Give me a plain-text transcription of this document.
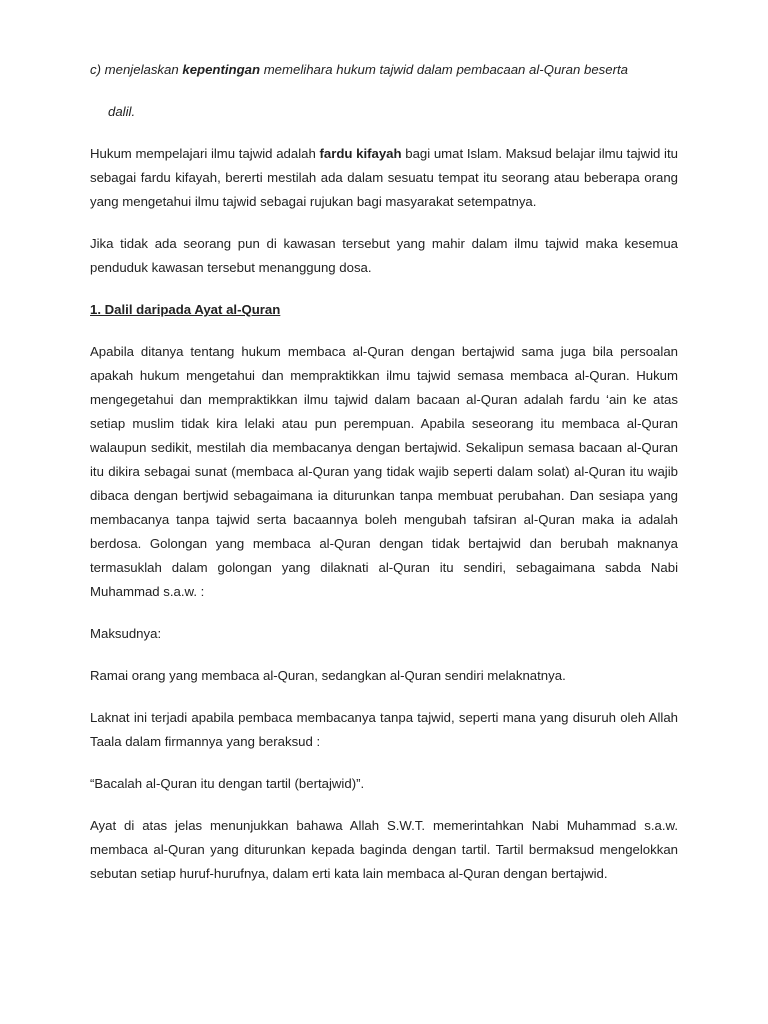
c) menjelaskan kepentingan memelihara hukum tajwid dalam pembacaan al-Quran beserta

dalil.

Hukum mempelajari ilmu tajwid adalah fardu kifayah bagi umat Islam. Maksud belajar ilmu tajwid itu sebagai fardu kifayah, bererti mestilah ada dalam sesuatu tempat itu seorang atau beberapa orang yang mengetahui ilmu tajwid sebagai rujukan bagi masyarakat setempatnya.

Jika tidak ada seorang pun di kawasan tersebut yang mahir dalam ilmu tajwid maka kesemua penduduk kawasan tersebut menanggung dosa.

1. Dalil daripada Ayat al-Quran

Apabila ditanya tentang hukum membaca al-Quran dengan bertajwid sama juga bila persoalan apakah hukum mengetahui dan mempraktikkan ilmu tajwid semasa membaca al-Quran. Hukum mengegetahui dan mempraktikkan ilmu tajwid dalam bacaan al-Quran adalah fardu ‘ain ke atas setiap muslim tidak kira lelaki atau pun perempuan. Apabila seseorang itu membaca al-Quran walaupun sedikit, mestilah dia membacanya dengan bertajwid. Sekalipun semasa bacaan al-Quran itu dikira sebagai sunat (membaca al-Quran yang tidak wajib seperti dalam solat) al-Quran itu wajib dibaca dengan bertjwid sebagaimana ia diturunkan tanpa membuat perubahan. Dan sesiapa yang membacanya tanpa tajwid serta bacaannya boleh mengubah tafsiran al-Quran maka ia adalah berdosa. Golongan yang membaca al-Quran dengan tidak bertajwid dan berubah maknanya termasuklah dalam golongan yang dilaknati al-Quran itu sendiri, sebagaimana sabda Nabi Muhammad s.a.w. :

Maksudnya:

Ramai orang yang membaca al-Quran, sedangkan al-Quran sendiri melaknatnya.

Laknat ini terjadi apabila pembaca membacanya tanpa tajwid, seperti mana yang disuruh oleh Allah Taala dalam firmannya yang beraksud :

“Bacalah al-Quran itu dengan tartil (bertajwid)”.

Ayat di atas jelas menunjukkan bahawa Allah S.W.T. memerintahkan Nabi Muhammad s.a.w. membaca al-Quran yang diturunkan kepada baginda dengan tartil. Tartil bermaksud mengelokkan sebutan setiap huruf-hurufnya, dalam erti kata lain membaca al-Quran dengan bertajwid.
